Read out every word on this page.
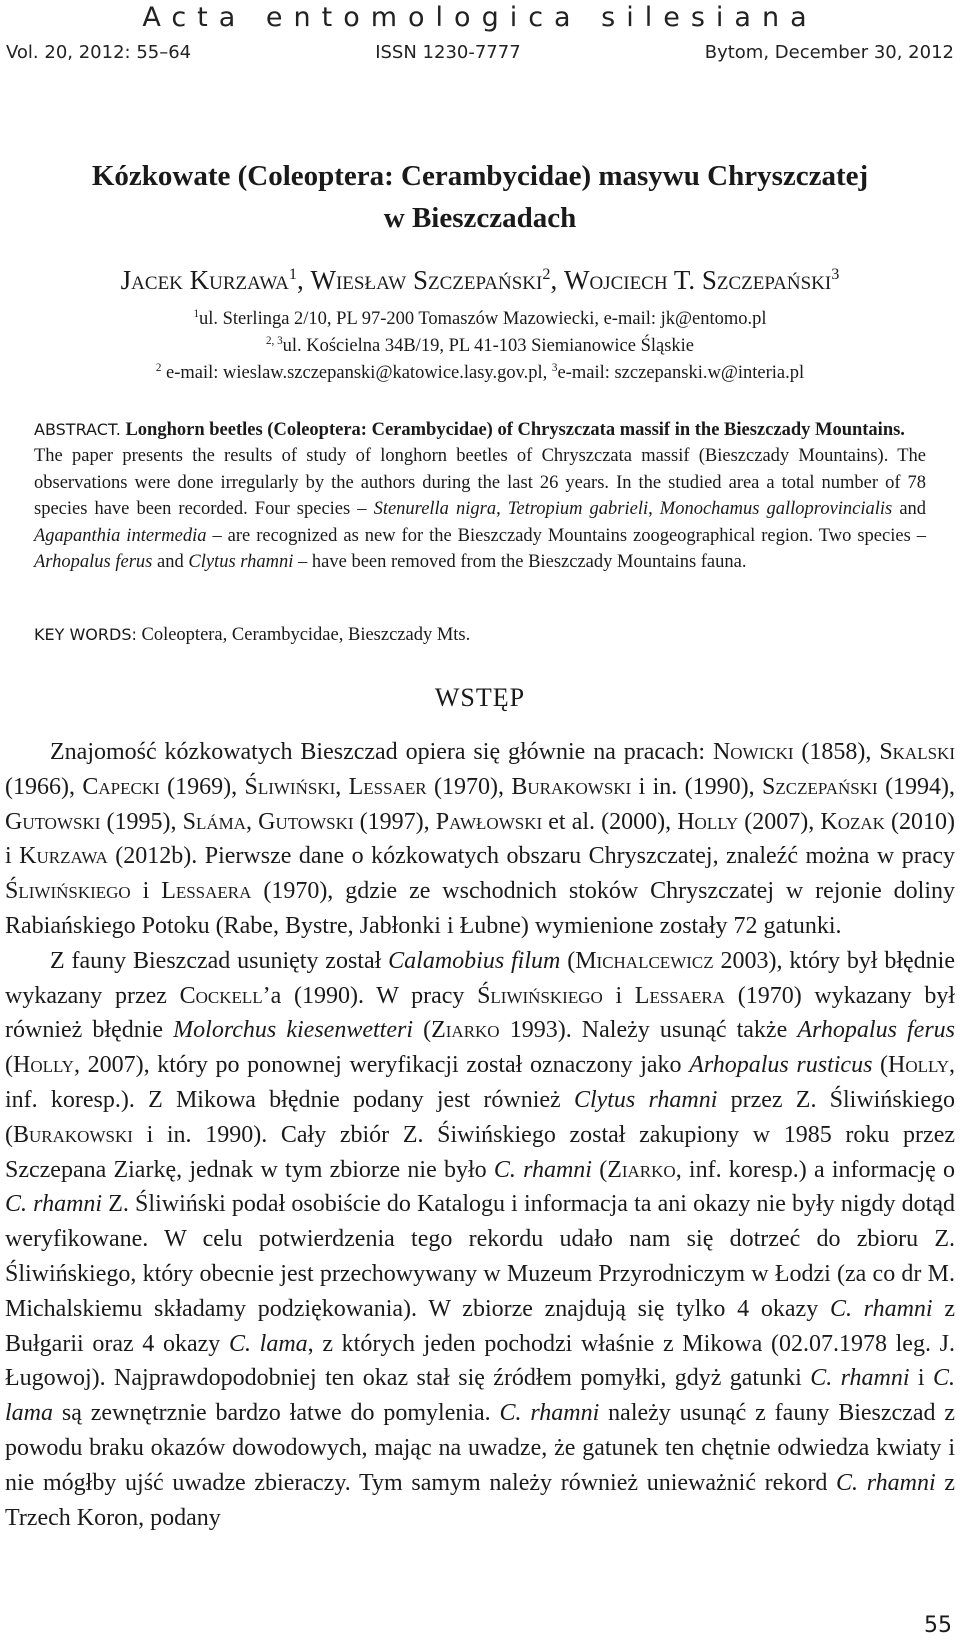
Acta entomologica silesiana
Vol. 20, 2012: 55–64	ISSN 1230-7777	Bytom, December 30, 2012
Kózkowate (Coleoptera: Cerambycidae) masywu Chryszczatej
w Bieszczadach
Jacek Kurzawa$^1$, Wiesław Szczepański$^2$, Wojciech T. Szczepański$^3$
$^1$ul. Sterlinga 2/10, PL 97-200 Tomaszów Mazowiecki, e-mail: jk@entomo.pl
$^{2, 3}$ul. Kościelna 34B/19, PL 41-103 Siemianowice Śląskie
$^2$ e-mail: wieslaw.szczepanski@katowice.lasy.gov.pl, $^3$e-mail: szczepanski.w@interia.pl
ABSTRACT. Longhorn beetles (Coleoptera: Cerambycidae) of Chryszczata massif in the Bieszczady Mountains.
The paper presents the results of study of longhorn beetles of Chryszczata massif (Bieszczady Mountains). The observations were done irregularly by the authors during the last 26 years. In the studied area a total number of 78 species have been recorded. Four species – Stenurella nigra, Tetropium gabrieli, Monochamus galloprovincialis and Agapanthia intermedia – are recognized as new for the Bieszczady Mountains zoogeographical region. Two species – Arhopalus ferus and Clytus rhamni – have been removed from the Bieszczady Mountains fauna.
KEY WORDS: Coleoptera, Cerambycidae, Bieszczady Mts.
WSTĘP

Znajomość kózkowatych Bieszczad opiera się głównie na pracach: Nowicki (1858), Skalski (1966), Capecki (1969), Śliwiński, Lessaer (1970), Burakowski i in. (1990), Szczepański (1994), Gutowski (1995), Sláma, Gutowski (1997), Pawłowski et al. (2000), Holly (2007), Kozak (2010) i Kurzawa (2012b). Pierwsze dane o kózkowatych obszaru Chryszczatej, znaleźć można w pracy Śliwińskiego i Lessaera (1970), gdzie ze wschodnich stoków Chryszczatej w rejonie doliny Rabiańskiego Potoku (Rabe, Bystre, Jabłonki i Łubne) wymienione zostały 72 gatunki.

Z fauny Bieszczad usunięty został Calamobius filum (Michalcewicz 2003), który był błędnie wykazany przez Cockell’a (1990). W pracy Śliwińskiego i Lessaera (1970) wykazany był również błędnie Molorchus kiesenwetteri (Ziarko 1993). Należy usunąć także Arhopalus ferus (Holly, 2007), który po ponownej weryfikacji został oznaczony jako Arhopalus rusticus (Holly, inf. koresp.). Z Mikowa błędnie podany jest również Clytus rhamni przez Z. Śliwińskiego (Burakowski i in. 1990). Cały zbiór Z. Śiwińskiego został zakupiony w 1985 roku przez Szczepana Ziarkę, jednak w tym zbiorze nie było C. rhamni (Ziarko, inf. koresp.) a informację o C. rhamni Z. Śliwiński podał osobiście do Katalogu i informacja ta ani okazy nie były nigdy dotąd weryfikowane. W celu potwierdzenia tego rekordu udało nam się dotrzeć do zbioru Z. Śliwińskiego, który obecnie jest przechowywany w Muzeum Przyrodniczym w Łodzi (za co dr M. Michalskiemu składamy podziękowania). W zbiorze znajdują się tylko 4 okazy C. rhamni z Bułgarii oraz 4 okazy C. lama, z których jeden pochodzi właśnie z Mikowa (02.07.1978 leg. J. Ługowoj). Najprawdopodobniej ten okaz stał się źródłem pomyłki, gdyż gatunki C. rhamni i C. lama są zewnętrznie bardzo łatwe do pomylenia. C. rhamni należy usunąć z fauny Bieszczad z powodu braku okazów dowodowych, mając na uwadze, że gatunek ten chętnie odwiedza kwiaty i nie mógłby ujść uwadze zbieraczy. Tym samym należy również unieważnić rekord C. rhamni z Trzech Koron, podany

55
